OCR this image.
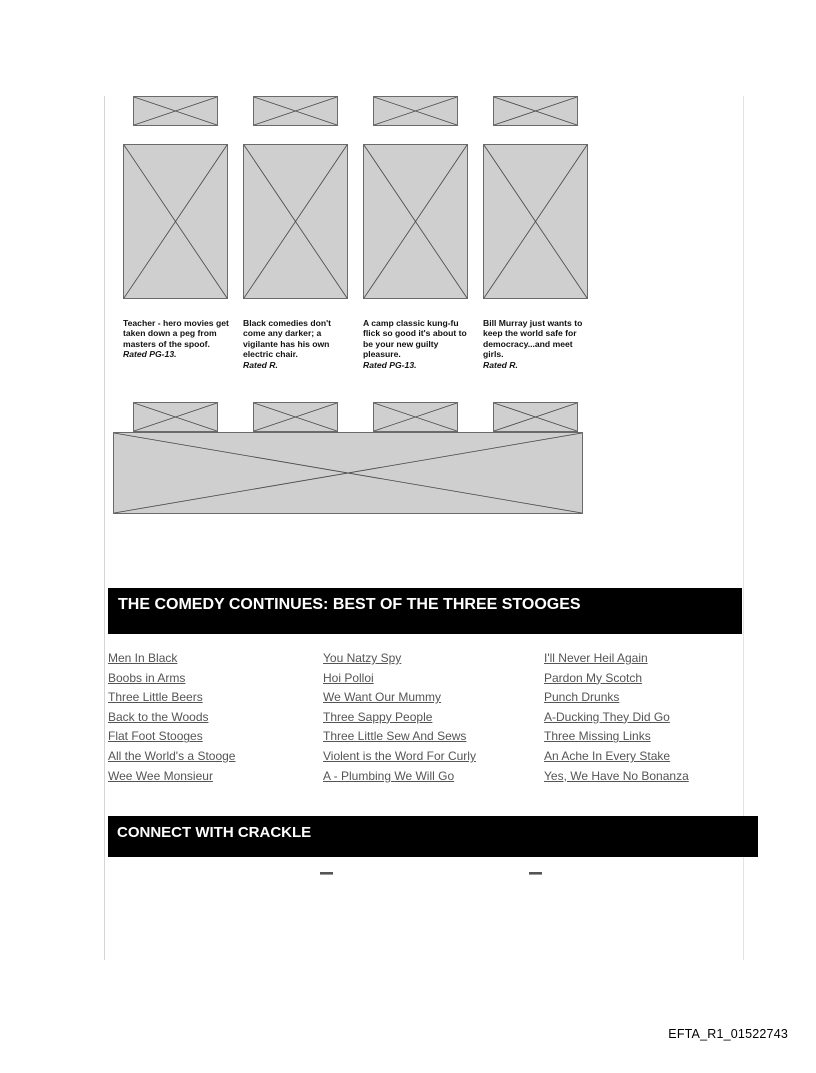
Teacher - hero movies get taken down a peg from masters of the spoof.
Rated PG-13.
Black comedies don't come any darker; a vigilante has his own electric chair.
Rated R.
A camp classic kung-fu flick so good it's about to be your new guilty pleasure.
Rated PG-13.
Bill Murray just wants to keep the world safe for democracy...and meet girls.
Rated R.
THE COMEDY CONTINUES: BEST OF THE THREE STOOGES
Men In Black
Boobs in Arms
Three Little Beers
Back to the Woods
Flat Foot Stooges
All the World's a Stooge
Wee Wee Monsieur
You Natzy Spy
Hoi Polloi
We Want Our Mummy
Three Sappy People
Three Little Sew And Sews
Violent is the Word For Curly
A - Plumbing We Will Go
I'll Never Heil Again
Pardon My Scotch
Punch Drunks
A-Ducking They Did Go
Three Missing Links
An Ache In Every Stake
Yes, We Have No Bonanza
CONNECT WITH CRACKLE
EFTA_R1_01522743
